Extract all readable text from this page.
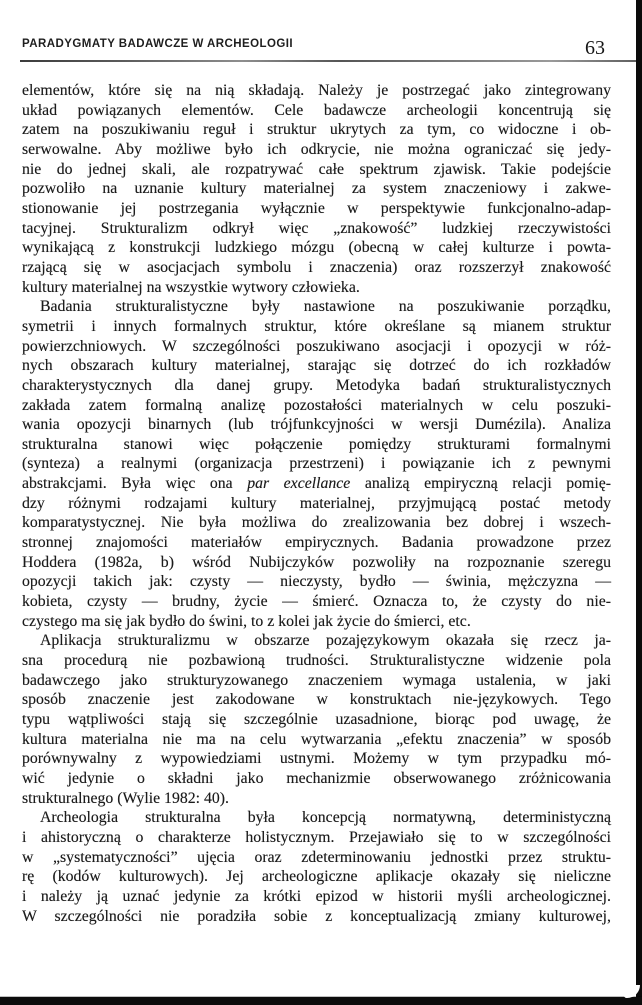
PARADYGMATY BADAWCZE W ARCHEOLOGII	63
elementów, które się na nią składają. Należy je postrzegać jako zintegrowany
układ powiązanych elementów. Cele badawcze archeologii koncentrują się
zatem na poszukiwaniu reguł i struktur ukrytych za tym, co widoczne i ob-
serwowalne. Aby możliwe było ich odkrycie, nie można ograniczać się jedy-
nie do jednej skali, ale rozpatrywać całe spektrum zjawisk. Takie podejście
pozwoliło na uznanie kultury materialnej za system znaczeniowy i zakwe-
stionowanie jej postrzegania wyłącznie w perspektywie funkcjonalno-adap-
tacyjnej. Strukturalizm odkrył więc „znakowość” ludzkiej rzeczywistości
wynikającą z konstrukcji ludzkiego mózgu (obecną w całej kulturze i powta-
rzającą się w asocjacjach symbolu i znaczenia) oraz rozszerzył znakowość
kultury materialnej na wszystkie wytwory człowieka.
Badania strukturalistyczne były nastawione na poszukiwanie porządku,
symetrii i innych formalnych struktur, które określane są mianem struktur
powierzchniowych. W szczególności poszukiwano asocjacji i opozycji w róż-
nych obszarach kultury materialnej, starając się dotrzeć do ich rozkładów
charakterystycznych dla danej grupy. Metodyka badań strukturalistycznych
zakłada zatem formalną analizę pozostałości materialnych w celu poszuki-
wania opozycji binarnych (lub trójfunkcyjności w wersji Dumézila). Analiza
strukturalna stanowi więc połączenie pomiędzy strukturami formalnymi
(synteza) a realnymi (organizacja przestrzeni) i powiązanie ich z pewnymi
abstrakcjami. Była więc ona par excellance analizą empiryczną relacji pomię-
dzy różnymi rodzajami kultury materialnej, przyjmującą postać metody
komparatystycznej. Nie była możliwa do zrealizowania bez dobrej i wszech-
stronnej znajomości materiałów empirycznych. Badania prowadzone przez
Hoddera (1982a, b) wśród Nubijczyków pozwoliły na rozpoznanie szeregu
opozycji takich jak: czysty — nieczysty, bydło — świnia, mężczyzna —
kobieta, czysty — brudny, życie — śmierć. Oznacza to, że czysty do nie-
czystego ma się jak bydło do świni, to z kolei jak życie do śmierci, etc.
Aplikacja strukturalizmu w obszarze pozajęzykowym okazała się rzecz ja-
sna procedurą nie pozbawioną trudności. Strukturalistyczne widzenie pola
badawczego jako strukturyzowanego znaczeniem wymaga ustalenia, w jaki
sposób znaczenie jest zakodowane w konstruktach nie-językowych. Tego
typu wątpliwości stają się szczególnie uzasadnione, biorąc pod uwagę, że
kultura materialna nie ma na celu wytwarzania „efektu znaczenia” w sposób
porównywalny z wypowiedziami ustnymi. Możemy w tym przypadku mó-
wić jedynie o składni jako mechanizmie obserwowanego zróżnicowania
strukturalnego (Wylie 1982: 40).
Archeologia strukturalna była koncepcją normatywną, deterministyczną
i ahistoryczną o charakterze holistycznym. Przejawiało się to w szczególności
w „systematyczności” ujęcia oraz zdeterminowaniu jednostki przez struktu-
rę (kodów kulturowych). Jej archeologiczne aplikacje okazały się nieliczne
i należy ją uznać jedynie za krótki epizod w historii myśli archeologicznej.
W szczególności nie poradziła sobie z konceptualizacją zmiany kulturowej,
